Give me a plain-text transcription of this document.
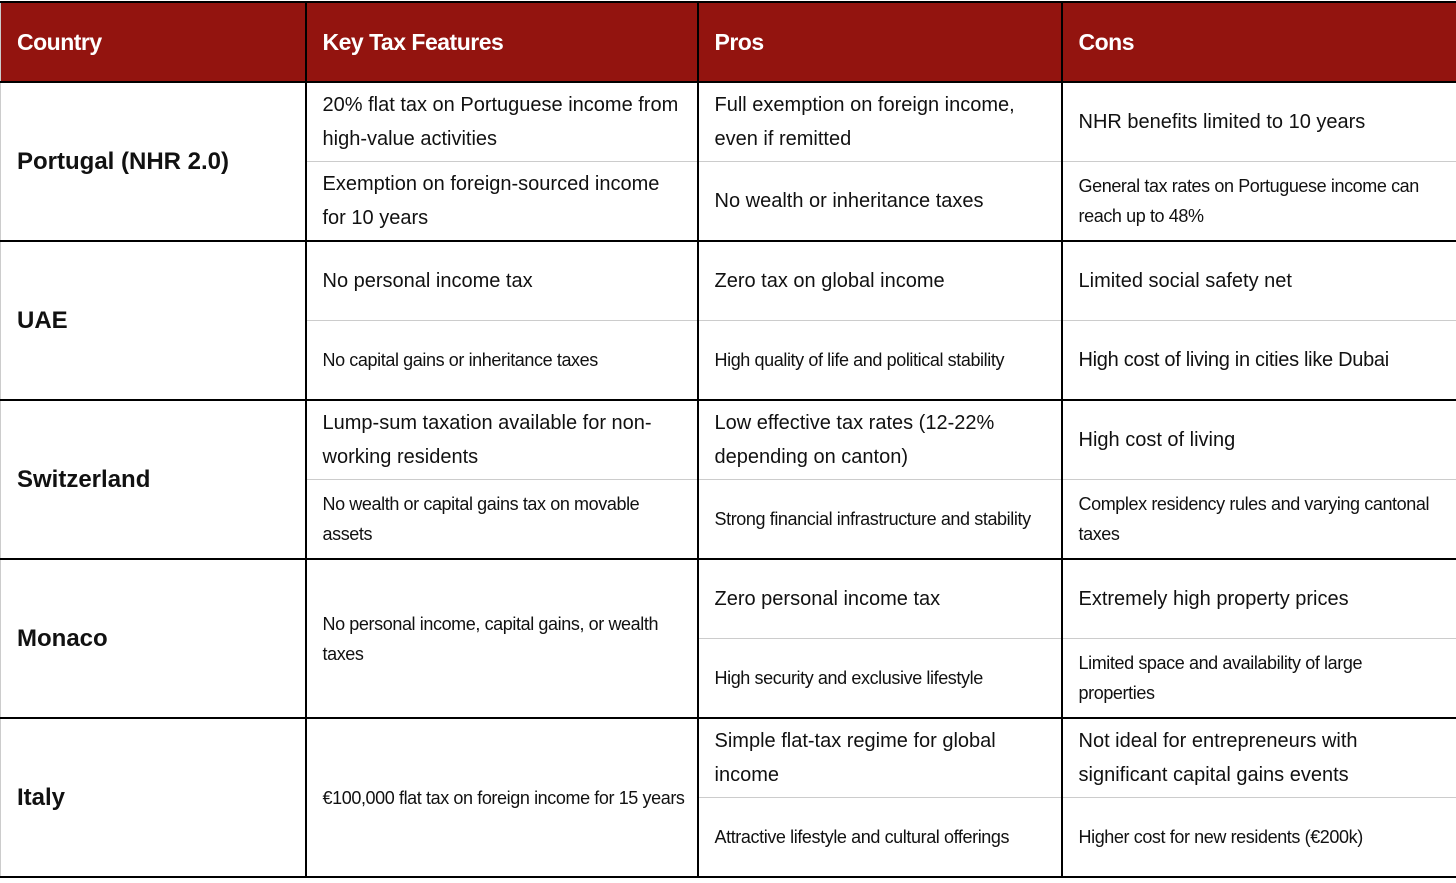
Country	Key Tax Features	Pros	Cons
Portugal (NHR 2.0)	20% flat tax on Portuguese income from high-value activities	Full exemption on foreign income, even if remitted	NHR benefits limited to 10 years
	Exemption on foreign-sourced income for 10 years	No wealth or inheritance taxes	General tax rates on Portuguese income can reach up to 48%
UAE	No personal income tax	Zero tax on global income	Limited social safety net
	No capital gains or inheritance taxes	High quality of life and political stability	High cost of living in cities like Dubai
Switzerland	Lump-sum taxation available for non-working residents	Low effective tax rates (12-22% depending on canton)	High cost of living
	No wealth or capital gains tax on movable assets	Strong financial infrastructure and stability	Complex residency rules and varying cantonal taxes
Monaco	No personal income, capital gains, or wealth taxes	Zero personal income tax	Extremely high property prices
		High security and exclusive lifestyle	Limited space and availability of large properties
Italy	€100,000 flat tax on foreign income for 15 years	Simple flat-tax regime for global income	Not ideal for entrepreneurs with significant capital gains events
		Attractive lifestyle and cultural offerings	Higher cost for new residents (€200k)
